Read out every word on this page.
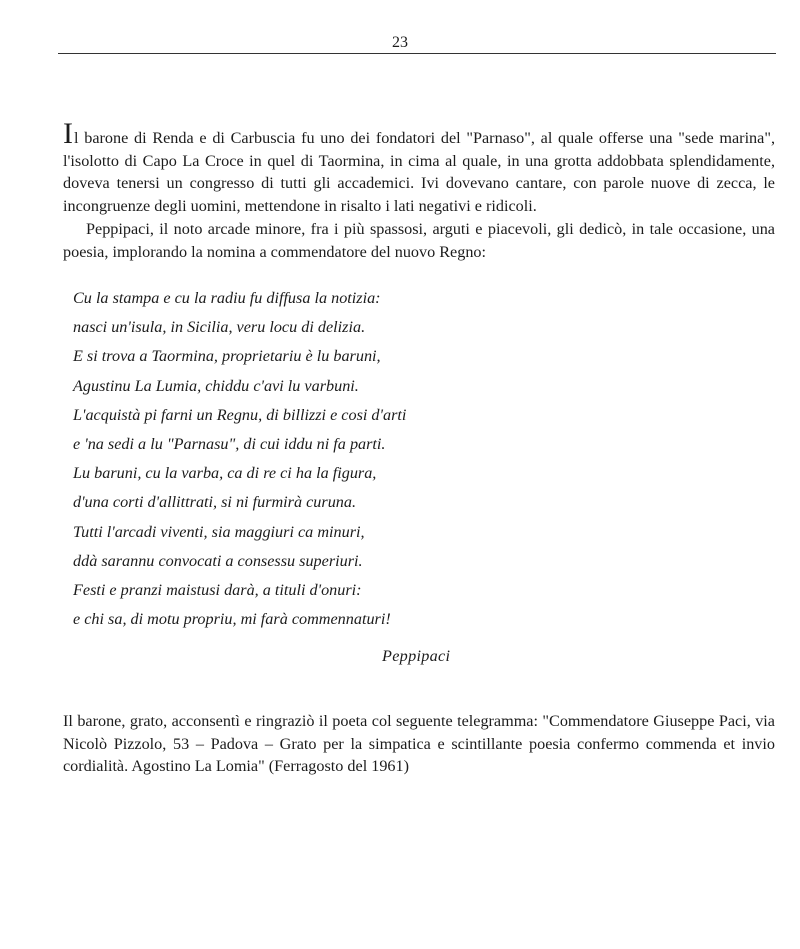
23

Il barone di Renda e di Carbuscia fu uno dei fondatori del "Parnaso", al quale offerse una "sede marina", l'isolotto di Capo La Croce in quel di Taormina, in cima al quale, in una grotta addobbata splendidamente, doveva tenersi un congresso di tutti gli accademici. Ivi dovevano cantare, con parole nuove di zecca, le incongruenze degli uomini, mettendone in risalto i lati negativi e ridicoli.

Peppipaci, il noto arcade minore, fra i più spassosi, arguti e piacevoli, gli dedicò, in tale occasione, una poesia, implorando la nomina a commendatore del nuovo Regno:

Cu la stampa e cu la radiu fu diffusa la notizia:
nasci un'isula, in Sicilia, veru locu di delizia.
E si trova a Taormina, proprietariu è lu baruni,
Agustinu La Lumia, chiddu c'avi lu varbuni.
L'acquistà pi farni un Regnu, di billizzi e cosi d'arti
e 'na sedi a lu "Parnasu", di cui iddu ni fa parti.
Lu baruni, cu la varba, ca di re ci ha la figura,
d'una corti d'allittrati, si ni furmirà curuna.
Tutti l'arcadi viventi, sia maggiuri ca minuri,
ddà sarannu convocati a consessu superiuri.
Festi e pranzi maistusi darà, a tituli d'onuri:
e chi sa, di motu propriu, mi farà commennaturi!
Peppipaci

Il barone, grato, acconsentì e ringraziò il poeta col seguente telegramma: "Commendatore Giuseppe Paci, via Nicolò Pizzolo, 53 – Padova – Grato per la simpatica e scintillante poesia confermo commenda et invio cordialità. Agostino La Lomia" (Ferragosto del 1961)
